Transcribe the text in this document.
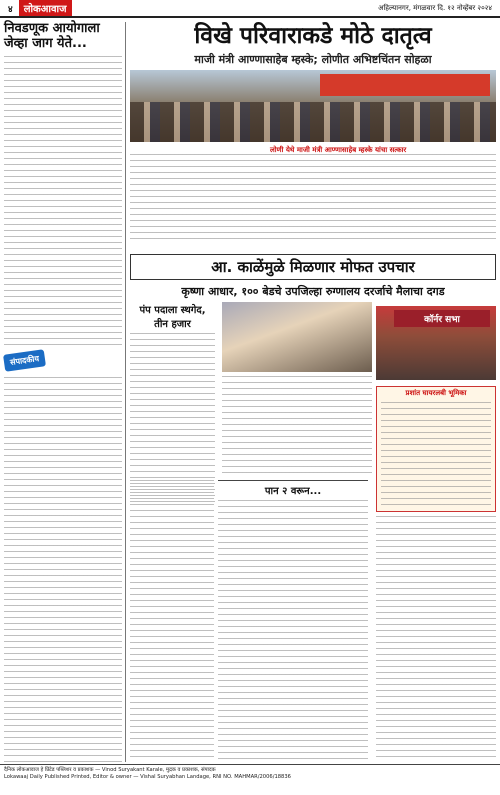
४	लोकआवाज	अहिल्यानगर, मंगळवार दि. १२ नोव्हेंबर २०२४
निवडणूक आयोगाला
जेव्हा जाग येते...
संपादकीय
विखे परिवाराकडे मोठे दातृत्व
माजी मंत्री आण्णासाहेब म्हस्के; लोणीत अभिष्टचिंतन सोहळा
लोणी येथे माजी मंत्री आण्णासाहेब म्हस्के यांचा सत्कार
आ. काळेंमुळे मिळणार मोफत उपचार
कृष्णा आधार, १०० बेडचे उपजिल्हा रुग्णालय दरर्जाचे मैलाचा दगड
पंप पदाला स्थगेद,
तीन हजार	कॉर्नर सभा
प्रशांत घायरलबी भूमिका
पान २ वरून...
दैनिक लोकआवाज हे प्रिंटेड पब्लिशर व प्रकाशक — Vinod Suryakant Karale, मुद्रक व प्रकाशक, संपादक
Lokawaaj Daily Published Printed, Editor & owner — Vishal Suryabhan Landage, RNI NO. MAHMAR/2006/18836
